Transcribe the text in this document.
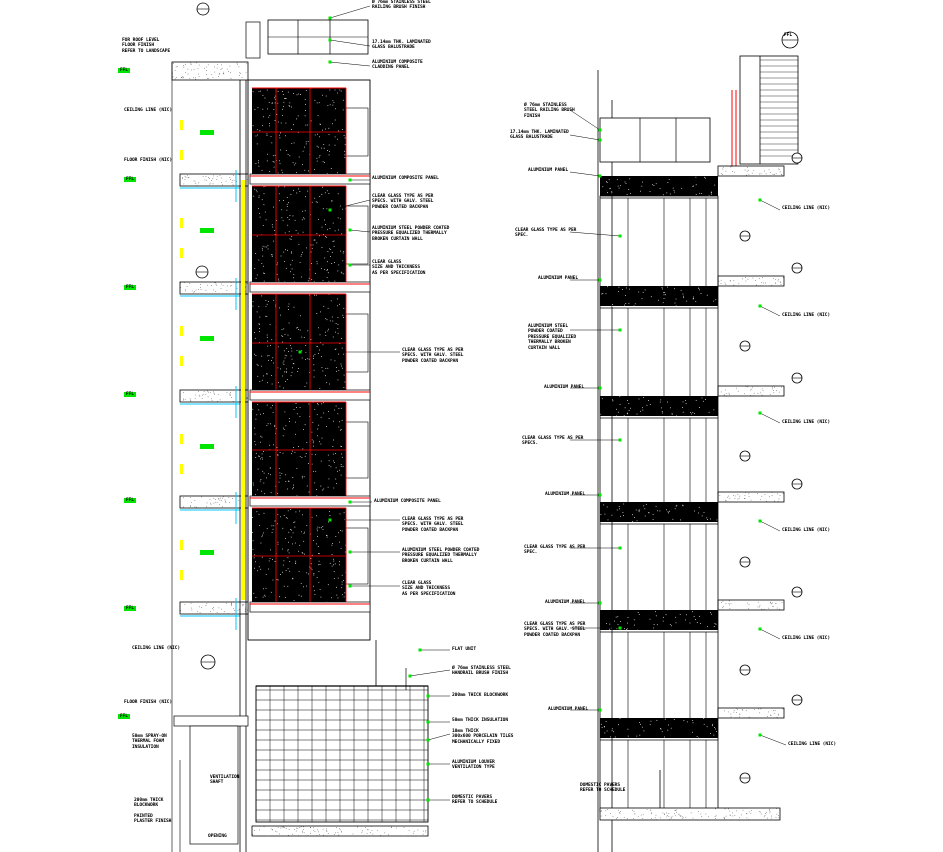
Ø 76mm STAINLESS STEEL
RAILING BRUSH FINISH
FOR ROOF LEVEL
FLOOR FINISH
REFER TO LANDSCAPE
17.14mm THK. LAMINATED
GLASS BALUSTRADE
ALUMINIUM COMPOSITE
CLADDING PANEL
CEILING LINE (NIC)
FLOOR FINISH (NIC)
ALUMINIUM COMPOSITE PANEL
CLEAR GLASS TYPE AS PER
SPECS. WITH GALV. STEEL
POWDER COATED BACKPAN
ALUMINIUM STEEL POWDER COATED
PRESSURE EQUALIZED THERMALLY
BROKEN CURTAIN WALL
CLEAR GLASS
SIZE AND THICKNESS
AS PER SPECIFICATION
CLEAR GLASS TYPE AS PER
SPECS. WITH GALV. STEEL
POWDER COATED BACKPAN
ALUMINIUM COMPOSITE PANEL
CLEAR GLASS TYPE AS PER
SPECS. WITH GALV. STEEL
POWDER COATED BACKPAN
ALUMINIUM STEEL POWDER COATED
PRESSURE EQUALIZED THERMALLY
BROKEN CURTAIN WALL
CLEAR GLASS
SIZE AND THICKNESS
AS PER SPECIFICATION
FLAT UNIT
Ø 76mm STAINLESS STEEL
HANDRAIL BRUSH FINISH
200mm THICK BLOCKWORK
50mm THICK INSULATION
10mm THICK
300x600 PORCELAIN TILES
MECHANICALLY FIXED
ALUMINIUM LOUVER
VENTILATION TYPE
DOMESTIC PAVERS
REFER TO SCHEDULE
CEILING LINE (NIC)
FLOOR FINISH (NIC)
50mm SPRAY-ON
THERMAL FOAM
INSULATION
VENTILATION
SHAFT
200mm THICK
BLOCKWORK
PAINTED
PLASTER FINISH
OPENING
FFL
FFL
FFL
FFL
FFL
FFL
FFL
FFL
Ø 76mm STAINLESS
STEEL RAILING BRUSH
FINISH
17.14mm THK. LAMINATED
GLASS BALUSTRADE
ALUMINIUM PANEL
CLEAR GLASS TYPE AS PER
SPEC.
ALUMINIUM PANEL
ALUMINIUM STEEL
POWDER COATED
PRESSURE EQUALIZED
THERMALLY BROKEN
CURTAIN WALL
ALUMINIUM PANEL
CLEAR GLASS TYPE AS PER
SPECS.
ALUMINIUM PANEL
CLEAR GLASS TYPE AS PER
SPEC.
ALUMINIUM PANEL
CLEAR GLASS TYPE AS PER
SPECS. WITH GALV. STEEL
POWDER COATED BACKPAN
ALUMINIUM PANEL
CEILING LINE (NIC)
CEILING LINE (NIC)
CEILING LINE (NIC)
CEILING LINE (NIC)
CEILING LINE (NIC)
CEILING LINE (NIC)
DOMESTIC PAVERS
REFER TO SCHEDULE
